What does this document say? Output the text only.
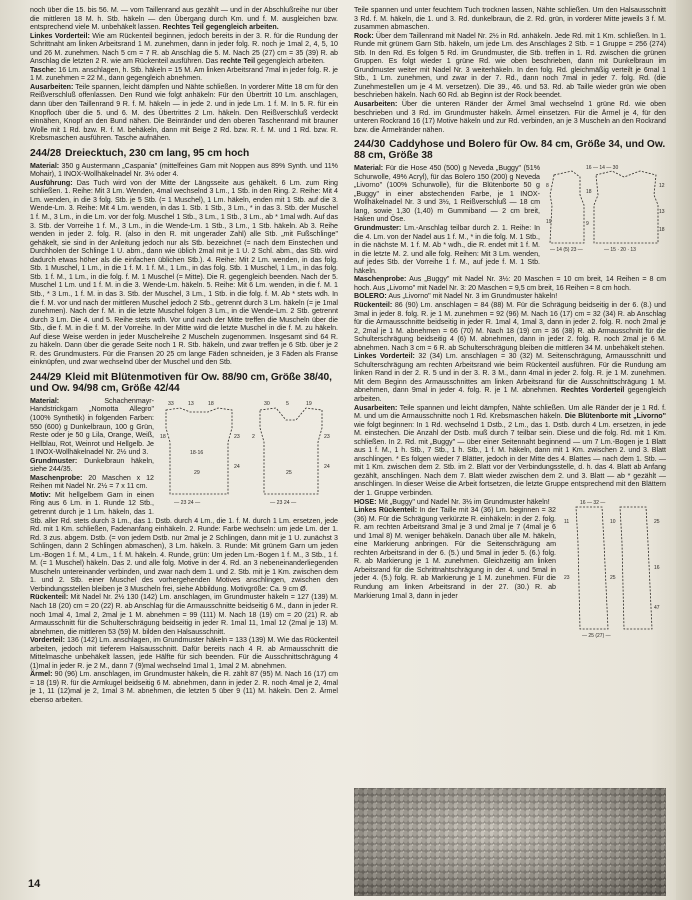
noch über die 15. bis 56. M. — vom Taillenrand aus gezählt — und in der Abschlußreihe nur über die mittleren 18 M. h. Stb. häkeln — den Übergang durch Km. und f. M. ausgleichen bzw. entsprechend viele M. unbehäkelt lassen. Rechtes Teil gegengleich arbeiten.

Linkes Vorderteil: Wie am Rückenteil beginnen, jedoch bereits in der 3. R. für die Rundung der Schrittnaht am linken Arbeitsrand 1 M. zunehmen, dann in jeder folg. R. noch je 1mal 2, 4, 5, 10 und 26 M. zunehmen. Nach 5 cm = 7 R. ab Anschlag die 5. M. Nach 25 (27) cm = 35 (39) R. ab Anschlag die letzten 2 R. wie am Rückenteil ausführen. Das rechte Teil gegengleich arbeiten.

Tasche: 16 Lm. anschlagen, h. Stb. häkeln = 15 M. Am linken Arbeitsrand 7mal in jeder folg. R. je 1 M. zunehmen = 22 M., dann gegengleich abnehmen.

Ausarbeiten: Teile spannen, leicht dämpfen und Nähte schließen. In vorderer Mitte 18 cm für den Reißverschluß offenlassen. Den Rund wie folgt anhäkeln: Für den Übertritt 10 Lm. anschlagen, dann über den Taillenrand 9 R. f. M. häkeln — in jede 2. und in jede Lm. 1 f. M. In 5. R. für ein Knopfloch über die 5. und 6. M. des Übertrittes 2 Lm. häkeln. Den Reißverschluß verdeckt einnähen, Knopf an den Bund nähen. Die Beinränder und den oberen Taschenrand mit brauner Wolle mit 1 Rd. bzw. R. f. M. behäkeln, dann mit Beige 2 Rd. bzw. R. f. M. und 1 Rd. bzw. R. Krebsmaschen ausführen. Tasche aufnähen.

244/28 Dreiecktuch, 230 cm lang, 95 cm hoch

Material: 350 g Austermann „Caspania" (mittelfeines Garn mit Noppen aus 89% Synth. und 11% Mohair), 1 INOX-Wollhäkelnadel Nr. 3½ oder 4.

Ausführung: Das Tuch wird von der Mitte der Längsseite aus gehäkelt. 6 Lm. zum Ring schließen. 1. Reihe: Mit 3 Lm. Wenden, 4mal wechselnd 3 Lm., 1 Stb. in den Ring. 2. Reihe: Mit 4 Lm. wenden, in die 3 folg. Stb. je 5 Stb. (= 1 Muschel), 1 Lm. häkeln, enden mit 1 Stb. auf die 3. Wende-Lm. 3. Reihe: Mit 4 Lm. wenden, in das 1. Stb. 1 Stb., 3 Lm., * in das 3. Stb. der Muschel 1 f. M., 3 Lm., in die Lm. vor der folg. Muschel 1 Stb., 3 Lm., 1 Stb., 3 Lm., ab * 1mal wdh. Auf das 3. Stb. der Vorreihe 1 f. M., 3 Lm., in die Wende-Lm. 1 Stb., 3 Lm., 1 Stb. häkeln. Ab 3. Reihe wenden in jeder 2. folg. R. (also in den R. mit ungerader Zahl) alle Stb. „mit Fußschlinge" gehäkelt, sie sind in der Anleitung jedoch nur als Stb. bezeichnet (= nach dem Einstechen und Durchholen der Schlinge 1 U. abm., dann wie üblich 2mal mit je 1 U. 2 Schl. abm., das Stb. wird dadurch etwas höher als die einfachen üblichen Stb.). 4. Reihe: Mit 2 Lm. wenden, in das folg. Stb. 1 Muschel, 1 Lm., in die 1 f. M. 1 f. M., 1 Lm., in das folg. Stb. 1 Muschel, 1 Lm., in das folg. Stb. 1 f. M., 1 Lm., in die folg. f. M. 1 Muschel (= Mitte). Die R. gegengleich beenden. Nach der 5. Muschel 1 Lm. und 1 f. M. in die 3. Wende-Lm. häkeln. 5. Reihe: Mit 6 Lm. wenden, in die f. M. 1 Stb., * 3 Lm., 1 f. M. in das 3. Stb. der Muschel, 3 Lm., 1 Stb. in die folg. f. M. Ab * stets wdh. In die f. M. vor und nach der mittleren Muschel jedoch 2 Stb., getrennt durch 3 Lm. häkeln (= je 1mal zunehmen). Nach der f. M. in die letzte Muschel folgen 3 Lm., in die Wende-Lm. 2 Stb. getrennt durch 3 Lm. Die 4. und 5. Reihe stets wdh. Vor und nach der Mitte treffen die Muscheln über die Stb., die f. M. in die f. M. der Vorreihe. In der Mitte wird die letzte Muschel in die f. M. zu häkeln. Auf diese Weise werden in jeder Muschelreihe 2 Muscheln zugenommen. Insgesamt sind 64 R. zu häkeln. Dann über die gerade Seite noch 1 R. Stb. häkeln, und zwar treffen je 6 Stb. über je 2 R. des Grundmusters. Für die Fransen 20 25 cm lange Fäden schneiden, je 3 Fäden als Franse einknüpfen, und zwar wechselnd über der Muschel und den Stb.

244/29 Kleid mit Blütenmotiven für Ow. 88/90 cm, Größe 38/40, und Ow. 94/98 cm, Größe 42/44
33	13	18
18	23
24
30	5	19
2	23
24
— 23 24 —	— 23 24 —
18·16
29	25

Material:	Schachenmayr-Handstrickgarn „Nomotta Allegro" (100% Synthetik) in folgenden Farben: 550 (600) g Dunkelbraun, 100 g Grün, Reste oder je 50 g Lila, Orange, Weiß, Hellblau, Rot, Weinrot und Hellgelb. Je 1 INOX-Wollhäkelnadel Nr. 2½ und 3.

Grundmuster: Dunkelbraun häkeln, siehe 244/35.

Maschenprobe: 20 Maschen x 12 Reihen mit Nadel Nr. 2½ = 7 x 11 cm.

Motiv: Mit hellgelbem Garn in einen Ring aus 6 Lm. in 1. Runde 12 Stb., getrennt durch je 1 Lm. häkeln, das 1. Stb. aller Rd. stets durch 3 Lm., das 1. Dstb. durch 4 Lm., die 1. f. M. durch 1 Lm. ersetzen, jede Rd. mit 1 Km. schließen, Fadenanfang einhäkeln. 2. Runde: Farbe wechseln: um jede Lm. der 1. Rd. 3 zus. abgem. Dstb. (= von jedem Dstb. nur 2mal je 2 Schlingen, dann mit je 1 U. zunächst 3 Schlingen, dann 2 Schlingen abmaschen), 3 Lm. häkeln. 3. Runde: Mit grünem Garn um jeden Lm.-Bogen 1 f. M., 4 Lm., 1 f. M. häkeln. 4. Runde, grün: Um jeden Lm.-Bogen 1 f. M., 3 Stb., 1 f. M. (= 1 Muschel) häkeln. Das 2. und alle folg. Motive in der 4. Rd. an 3 nebeneinanderliegenden Muscheln untereinander verbinden, und zwar nach dem 1. und 2. Stb. mit je 1 Km. zwischen dem 1. und 2. Stb. einer Muschel des vorhergehenden Motives anschlingen, zwischen den Verbindungsstellen bleiben je 3 Muscheln frei, siehe Abbildung. Motivgröße: Ca. 9 cm Ø.

Rückenteil: Mit Nadel Nr. 2½ 130 (142) Lm. anschlagen, im Grundmuster häkeln = 127 (139) M. Nach 18 (20) cm = 20 (22) R. ab Anschlag für die Armausschnitte beidseitig 6 M., dann in jeder R. noch 1mal 4, 1mal 2, 2mal je 1 M. abnehmen = 99 (111) M. Nach 18 (19) cm = 20 (21) R. ab Armausschnitt für die Schulterschrägung beidseitig in jeder R. 1mal 11, 1mal 12 (2mal je 13) M. abnehmen, die mittleren 53 (59) M. bilden den Halsausschnitt.

Vorderteil: 136 (142) Lm. anschlagen, im Grundmuster häkeln = 133 (139) M. Wie das Rückenteil arbeiten, jedoch mit tieferem Halsausschnitt. Dafür bereits nach 4 R. ab Armausschnitt die Mittelmasche unbehäkelt lassen, jede Hälfte für sich beenden. Für die Ausschnittschrägung 4 (1)mal in jeder R. je 2 M., dann 7 (9)mal wechselnd 1mal 1, 1mal 2 M. abnehmen.

Ärmel: 90 (96) Lm. anschlagen, im Grundmuster häkeln, die R. zählt 87 (95) M. Nach 16 (17) cm = 18 (19) R. für die Armkugel beidseitig 6 M. abnehmen, dann in jeder 2. R. noch 4mal je 2, 4mal je 1, 11 (12)mal je 2, 1mal 3 M. abnehmen, die letzten 5 über 9 (11) M. häkeln. Den 2. Ärmel ebenso arbeiten.

Teile spannen und unter feuchtem Tuch trocknen lassen, Nähte schließen. Um den Halsausschnitt 3 Rd. f. M. häkeln, die 1. und 3. Rd. dunkelbraun, die 2. Rd. grün, in vorderer Mitte jeweils 3 f. M. zusammen abmaschen.

Rock: Über dem Taillenrand mit Nadel Nr. 2½ in Rd. anhäkeln. Jede Rd. mit 1 Km. schließen. In 1. Runde mit grünem Garn Stb. häkeln, um jede Lm. des Anschlages 2 Stb. = 1 Gruppe = 256 (274) Stb. In den Rd. Es folgen 5 Rd. im Grundmuster, die Stb. treffen in 1. Rd. zwischen die grünen Gruppen. Es folgt wieder 1 grüne Rd. wie oben beschrieben, dann mit Dunkelbraun im Grundmuster weiter mit Nadel Nr. 3 weiterhäkeln. In den folg. Rd. gleichmäßig verteilt je 6mal 1 Stb., 1 Lm. zunehmen, und zwar in der 7. Rd., dann noch 7mal in jeder 7. folg. Rd. (die Zunehmestellen um je 4 M. versetzen). Die 39., 46. und 53. Rd. ab Taille wieder grün wie oben beschrieben häkeln. Nach 60 Rd. ab Beginn ist der Rock beendet.

Ausarbeiten: Über die unteren Ränder der Ärmel 3mal wechselnd 1 grüne Rd. wie oben beschrieben und 3 Rd. im Grundmuster häkeln. Ärmel einsetzen. Für die Ärmel je 4, für den unteren Rockrand 16 (17) Motive häkeln und zur Rd. verbinden, an je 3 Muscheln an den Rockrand bzw. die Ärmelränder nähen.

244/30 Caddyhose und Bolero für Ow. 84 cm, Größe 34, und Ow. 88 cm, Größe 38
16 — 14 — 30
8
19
18
9
12
13
18
— 14 (5) 23 —	— 15 · 20 · 13

Material: Für die Hose 450 (500) g Neveda „Buggy" (51% Schurwolle, 49% Acryl), für das Bolero 150 (200) g Neveda „Livorno" (100% Schurwolle), für die Blütenborte 50 g „Buggy" in einer abstechenden Farbe, je 1 INOX-Wollhäkelnadel Nr. 3 und 3½, 1 Reißverschluß — 18 cm lang, sowie 1,30 (1,40) m Gummiband — 2 cm breit, Haken und Öse.

Grundmuster: Lm.-Anschlag teilbar durch 2. 1. Reihe: In die 4. Lm. von der Nadel aus 1 f. M., * in die folg. M. 1 Stb., in die nächste M. 1 f. M. Ab * wdh., die R. endet mit 1 f. M. in die letzte M. 2. und alle folg. Reihen: Mit 3 Lm. wenden, auf jedes Stb. der Vorreihe 1 f. M., auf jede f. M. 1 Stb. häkeln.

Maschenprobe: Aus „Buggy" mit Nadel Nr. 3½: 20 Maschen = 10 cm breit, 14 Reihen = 8 cm hoch. Aus „Livorno" mit Nadel Nr. 3: 20 Maschen = 9,5 cm breit, 16 Reihen = 8 cm hoch.

BOLERO: Aus „Livorno" mit Nadel Nr. 3 im Grundmuster häkeln!

Rückenteil: 86 (90) Lm. anschlagen = 84 (88) M. Für die Schrägung beidseitig in der 6. (8.) und 3mal in jeder 8. folg. R. je 1 M. zunehmen = 92 (96) M. Nach 16 (17) cm = 32 (34) R. ab Anschlag für die Armausschnitte beidseitig in jeder R. 1mal 4, 1mal 3, dann in jeder 2. folg. R. noch 2mal je 2, 2mal je 1 M. abnehmen = 66 (70) M. Nach 18 (19) cm = 36 (38) R. ab Armausschnitt für die Schulterschrägung beidseitig 4 (6) M. abnehmen, dann in jeder 2. folg. R. noch 2mal je 6 M. abnehmen. Nach 3 cm = 6 R. ab Schulterschrägung bleiben die mittleren 34 M. unbehäkelt stehen.

Linkes Vorderteil: 32 (34) Lm. anschlagen = 30 (32) M. Seitenschrägung, Armausschnitt und Schulterschrägung am rechten Arbeitsrand wie beim Rückenteil ausführen. Für die Rundung am linken Rand in der 2. R. 5 und in der 3. R. 3 M., dann 4mal in jeder 2. folg. R. je 1 M. zunehmen. Mit dem Beginn des Armausschnittes am linken Arbeitsrand für die Ausschnittschrägung 1 M. abnehmen, dann 9mal in jeder 4. folg. R. je 1 M. abnehmen. Rechtes Vorderteil gegengleich arbeiten.

Ausarbeiten: Teile spannen und leicht dämpfen, Nähte schließen. Um alle Ränder der je 1 Rd. f. M. und um die Armausschnitte noch 1 Rd. Krebsmaschen häkeln. Die Blütenborte mit „Livorno" wie folgt beginnen: In 1 Rd. wechselnd 1 Dstb., 2 Lm., das 1. Dstb. durch 4 Lm. ersetzen, in jede M. einstechen. Die Anzahl der Dstb. muß durch 7 teilbar sein. Diese und die folg. Rd. mit 1 Km. schließen. In 2. Rd. mit „Buggy" — über einer Seitennaht beginnend — um 7 Lm.-Bogen je 1 Blatt aus 1 f. M., 1 h. Stb., 7 Stb., 1 h. Stb., 1 f. M. häkeln, dann mit 1 Km. zwischen 2. und 3. Blatt anschlingen. * Es folgen wieder 7 Blätter, jedoch in der Mitte des 4. Blattes — nach dem 1. Stb. — mit 1 Km. zwischen dem 2. Stb. im 2. Blatt vor der Verbindungsstelle, d. h. das 4. Blatt ab Anfang gezählt, anschlingen. Nach dem 7. Blatt wieder zwischen dem 2. und 3. Blatt — ab * gezählt — anschlingen. In dieser Weise die Arbeit fortsetzen, die letzte Gruppe entsprechend mit den Blättern der 1. Gruppe verbinden.

16 — 32 —
11
23
10
25
25
16
47
— 25 (27) —

HOSE: Mit „Buggy" und Nadel Nr. 3½ im Grundmuster häkeln!

Linkes Rückenteil: In der Taille mit 34 (36) Lm. beginnen = 32 (36) M. Für die Schrägung verkürzte R. einhäkeln: in der 2. folg. R. am rechten Arbeitsrand 3mal je 3 und 2mal je 7 (4mal je 6 und 1mal 8) M. weniger behäkeln. Danach über alle M. häkeln, eine Markierung anbringen. Für die Seitenschrägung am rechten Arbeitsrand in der 6. (5.) und 5mal in jeder 5. (6.) folg. R. ab Markierung je 1 M. zunehmen. Gleichzeitig am linken Arbeitsrand für die Schrittnahtschrägung in der 4. und 5mal in jeder 4. (5.) folg. R. ab Markierung je 1 M. zunehmen. Für die Rundung am linken Arbeitsrand in der 27. (30.) R. ab Markierung 1mal 3, dann in jeder

14
